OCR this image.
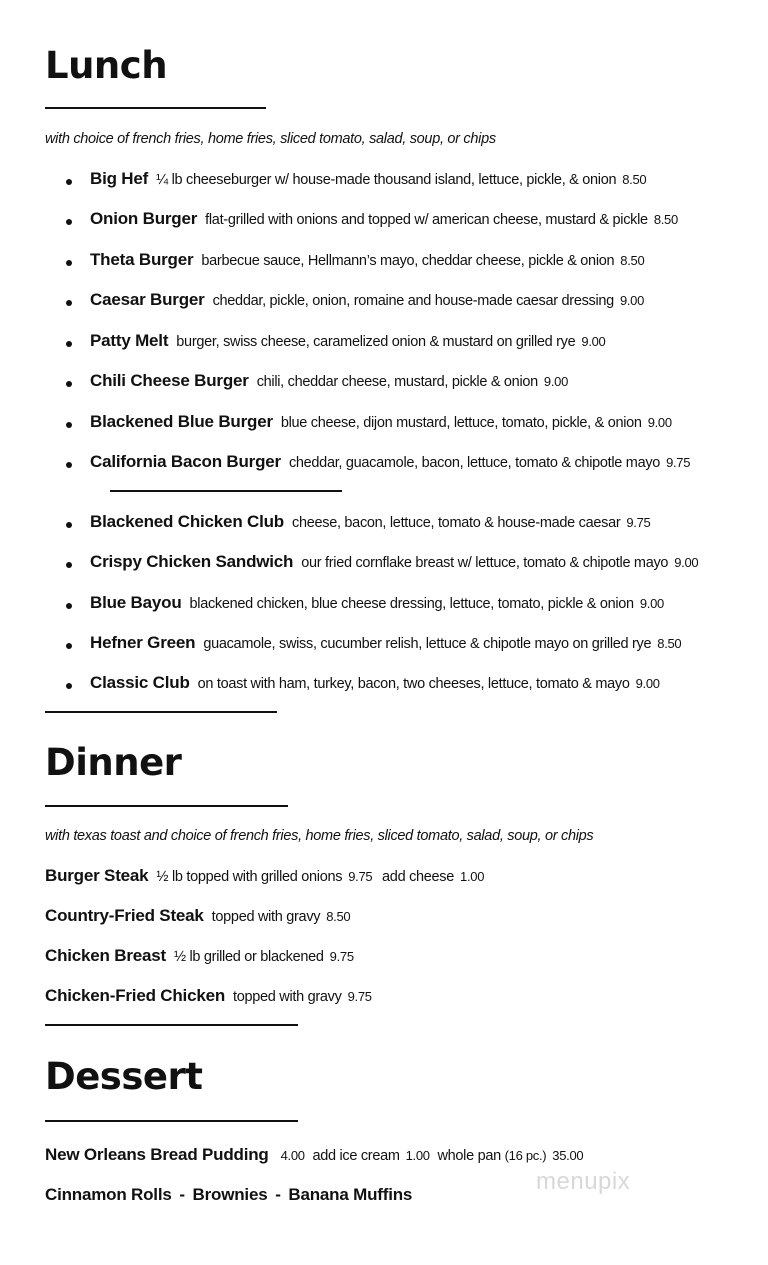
Lunch
with choice of french fries, home fries, sliced tomato, salad, soup, or chips
Big Hef ¼ lb cheeseburger w/ house-made thousand island, lettuce, pickle, & onion 8.50
Onion Burger flat-grilled with onions and topped w/ american cheese, mustard & pickle 8.50
Theta Burger barbecue sauce, Hellmann’s mayo, cheddar cheese, pickle & onion 8.50
Caesar Burger cheddar, pickle, onion, romaine and house-made caesar dressing 9.00
Patty Melt burger, swiss cheese, caramelized onion & mustard on grilled rye 9.00
Chili Cheese Burger chili, cheddar cheese, mustard, pickle & onion 9.00
Blackened Blue Burger blue cheese, dijon mustard, lettuce, tomato, pickle, & onion 9.00
California Bacon Burger cheddar, guacamole, bacon, lettuce, tomato & chipotle mayo 9.75
Blackened Chicken Club cheese, bacon, lettuce, tomato & house-made caesar 9.75
Crispy Chicken Sandwich our fried cornflake breast w/ lettuce, tomato & chipotle mayo 9.00
Blue Bayou blackened chicken, blue cheese dressing, lettuce, tomato, pickle & onion 9.00
Hefner Green guacamole, swiss, cucumber relish, lettuce & chipotle mayo on grilled rye 8.50
Classic Club on toast with ham, turkey, bacon, two cheeses, lettuce, tomato & mayo 9.00
Dinner
with texas toast and choice of french fries, home fries, sliced tomato, salad, soup, or chips
Burger Steak ½ lb topped with grilled onions 9.75 add cheese 1.00
Country-Fried Steak topped with gravy 8.50
Chicken Breast ½ lb grilled or blackened 9.75
Chicken-Fried Chicken topped with gravy 9.75
Dessert
New Orleans Bread Pudding 4.00 add ice cream 1.00 whole pan (16 pc.) 35.00
Cinnamon Rolls - Brownies - Banana Muffins	menupix
